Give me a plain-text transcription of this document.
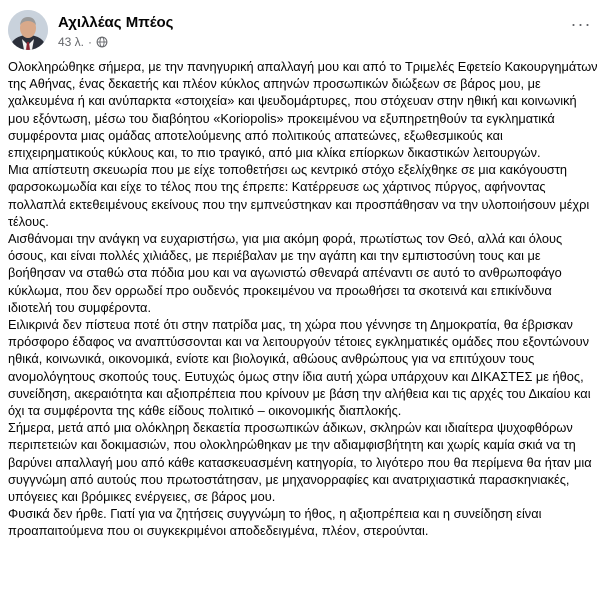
Αχιλλέας Μπέος
43 λ. ·
···

Ολοκληρώθηκε σήμερα, με την πανηγυρική απαλλαγή μου και από το Τριμελές Εφετείο Κακουργημάτων της Αθήνας, ένας δεκαετής και πλέον κύκλος απηνών προσωπικών διώξεων σε βάρος μου, με χαλκευμένα ή και ανύπαρκτα «στοιχεία» και ψευδομάρτυρες, που στόχευαν στην ηθική και κοινωνική μου εξόντωση, μέσω του διαβόητου «Koriopolis» προκειμένου να εξυπηρετηθούν τα εγκληματικά συμφέροντα μιας ομάδας αποτελούμενης από πολιτικούς απατεώνες, εξωθεσμικούς και επιχειρηματικούς κύκλους και, το πιο τραγικό, από μια κλίκα επίορκων δικαστικών λειτουργών.

Μια απίστευτη σκευωρία που με είχε τοποθετήσει ως κεντρικό στόχο εξελίχθηκε σε μια κακόγουστη φαρσοκωμωδία και είχε το τέλος που της έπρεπε: Κατέρρευσε ως χάρτινος πύργος, αφήνοντας πολλαπλά εκτεθειμένους εκείνους που την εμπνεύστηκαν και προσπάθησαν να την υλοποιήσουν μέχρι τέλους.

Αισθάνομαι την ανάγκη να ευχαριστήσω, για μια ακόμη φορά, πρωτίστως τον Θεό, αλλά και όλους όσους, και είναι πολλές χιλιάδες, με περιέβαλαν με την αγάπη και την εμπιστοσύνη τους και με βοήθησαν να σταθώ στα πόδια μου και να αγωνιστώ σθεναρά απέναντι σε αυτό το ανθρωποφάγο κύκλωμα, που δεν ορρωδεί προ ουδενός προκειμένου να προωθήσει τα σκοτεινά και επικίνδυνα ιδιοτελή του συμφέροντα.

Ειλικρινά δεν πίστευα ποτέ ότι στην πατρίδα μας, τη χώρα που γέννησε τη Δημοκρατία, θα έβρισκαν πρόσφορο έδαφος να αναπτύσσονται και να λειτουργούν τέτοιες εγκληματικές ομάδες που εξοντώνουν ηθικά, κοινωνικά, οικονομικά, ενίοτε και βιολογικά, αθώους ανθρώπους για να επιτύχουν τους ανομολόγητους σκοπούς τους. Ευτυχώς όμως στην ίδια αυτή χώρα υπάρχουν και ΔΙΚΑΣΤΕΣ με ήθος, συνείδηση, ακεραιότητα και αξιοπρέπεια που κρίνουν με βάση την αλήθεια και τις αρχές του Δικαίου και όχι τα συμφέροντα της κάθε είδους πολιτικό – οικονομικής διαπλοκής.

Σήμερα, μετά από μια ολόκληρη δεκαετία προσωπικών άδικων, σκληρών και ιδιαίτερα ψυχοφθόρων περιπετειών και δοκιμασιών, που ολοκληρώθηκαν με την αδιαμφισβήτητη και χωρίς καμία σκιά να τη βαρύνει απαλλαγή μου από κάθε κατασκευασμένη κατηγορία, το λιγότερο που θα περίμενα θα ήταν μια συγγνώμη από αυτούς που πρωτοστάτησαν, με μηχανορραφίες και ανατριχιαστικά παρασκηνιακές, υπόγειες και βρόμικες ενέργειες, σε βάρος μου.

Φυσικά δεν ήρθε. Γιατί για να ζητήσεις συγγνώμη το ήθος, η αξιοπρέπεια και η συνείδηση είναι προαπαιτούμενα που οι συγκεκριμένοι αποδεδειγμένα, πλέον, στερούνται.
